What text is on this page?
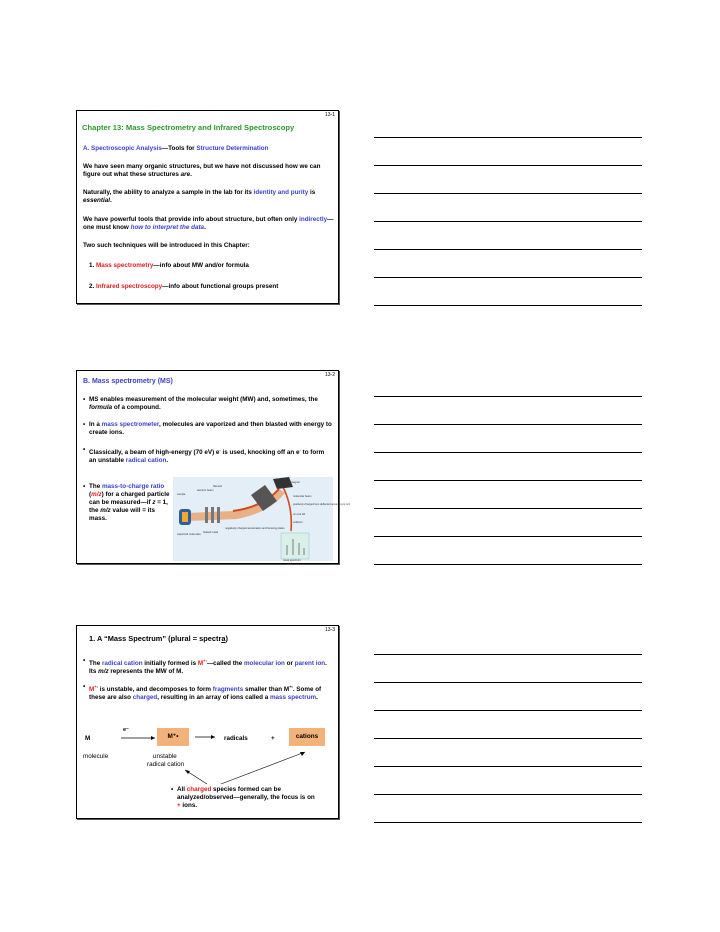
13-1
Chapter 13: Mass Spectrometry and Infrared Spectroscopy
A. Spectroscopic Analysis—Tools for Structure Determination
We have seen many organic structures, but we have not discussed how we can figure out what these structures are.
Naturally, the ability to analyze a sample in the lab for its identity and purity is essential.
We have powerful tools that provide info about structure, but often only indirectly—one must know how to interpret the data.
Two such techniques will be introduced in this Chapter:
1. Mass spectrometry—info about MW and/or formula
2. Infrared spectroscopy—info about functional groups present
13-2
B. Mass spectrometry (MS)
• MS enables measurement of the molecular weight (MW) and, sometimes, the formula of a compound.
• In a mass spectrometer, molecules are vaporized and then blasted with energy to create ions.
• Classically, a beam of high-energy (70 eV) e- is used, knocking off an e- to form an unstable radical cation.
• The mass-to-charge ratio (m/z) for a charged particle can be measured—if z = 1, the m/z value will = its mass.
magnet
electron beam
filament
sample
molecular beam
positively charged ions deflected according to m/z
negatively charged acceleration and focusing plates
ion exit slit
heated metal
vaporized molecules
collector
mass spectrum
13-3
1. A “Mass Spectrum” (plural = spectra)
• The radical cation initially formed is M+•—called the molecular ion or parent ion. Its m/z represents the MW of M.
• M+• is unstable, and decomposes to form fragments smaller than M+•. Some of these are also charged, resulting in an array of ions called a mass spectrum.
M
e⁻
M⁺•	radicals	+	cations
molecule	unstable
radical cation
• All charged species formed can be analyzed/observed—generally, the focus is on + ions.
